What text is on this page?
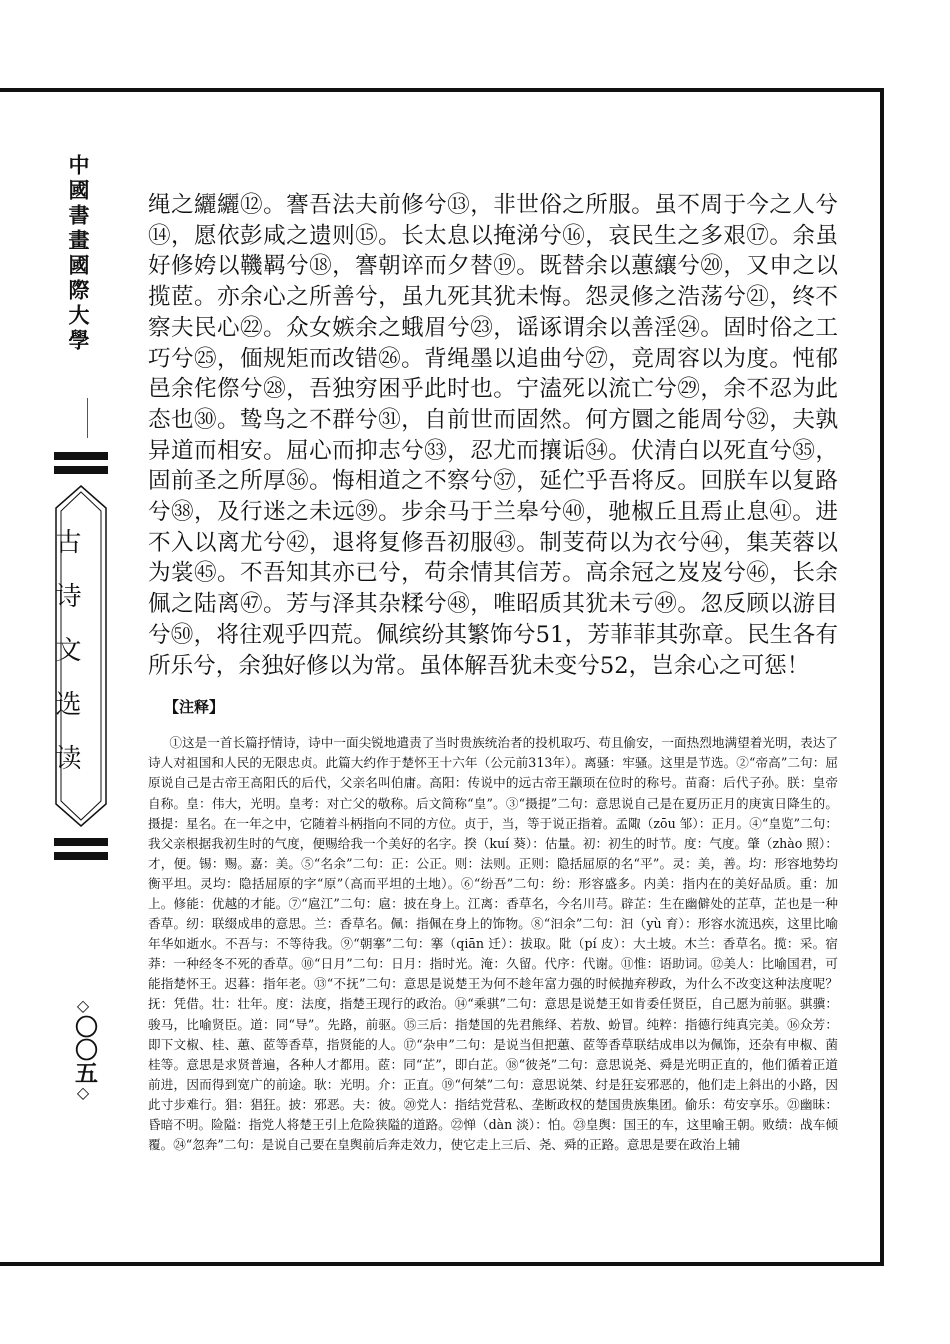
中國書畫國際大學
古诗文选读
◇
〇〇五
◇

绳之纚纚⑫。謇吾法夫前修兮⑬，非世俗之所服。虽不周于今之人兮⑭，愿依彭咸之遗则⑮。长太息以掩涕兮⑯，哀民生之多艰⑰。余虽好修姱以鞿羁兮⑱，謇朝谇而夕替⑲。既替余以蕙纕兮⑳，又申之以揽茝。亦余心之所善兮，虽九死其犹未悔。怨灵修之浩荡兮㉑，终不察夫民心㉒。众女嫉余之蛾眉兮㉓，谣诼谓余以善淫㉔。固时俗之工巧兮㉕，偭规矩而改错㉖。背绳墨以追曲兮㉗，竞周容以为度。忳郁邑余侘傺兮㉘，吾独穷困乎此时也。宁溘死以流亡兮㉙，余不忍为此态也㉚。鸷鸟之不群兮㉛，自前世而固然。何方圜之能周兮㉜，夫孰异道而相安。屈心而抑志兮㉝，忍尤而攘诟㉞。伏清白以死直兮㉟，固前圣之所厚㊱。悔相道之不察兮㊲，延伫乎吾将反。回朕车以复路兮㊳，及行迷之未远㊴。步余马于兰皋兮㊵，驰椒丘且焉止息㊶。进不入以离尤兮㊷，退将复修吾初服㊸。制芰荷以为衣兮㊹，集芙蓉以为裳㊺。不吾知其亦已兮，苟余情其信芳。高余冠之岌岌兮㊻，长余佩之陆离㊼。芳与泽其杂糅兮㊽，唯昭质其犹未亏㊾。忽反顾以游目兮㊿，将往观乎四荒。佩缤纷其繁饰兮51，芳菲菲其弥章。民生各有所乐兮，余独好修以为常。虽体解吾犹未变兮52，岂余心之可惩！

【注释】
①这是一首长篇抒情诗，诗中一面尖锐地遣责了当时贵族统治者的投机取巧、苟且偷安，一面热烈地满望着光明，表达了诗人对祖国和人民的无限忠贞。此篇大约作于楚怀王十六年（公元前313年）。离骚：牢骚。这里是节选。②“帝高”二句：屈原说自己是古帝王高阳氏的后代，父亲名叫伯庸。高阳：传说中的远古帝王颛顼在位时的称号。苗裔：后代子孙。朕：皇帝自称。皇：伟大，光明。皇考：对亡父的敬称。后文简称“皇”。③“摄提”二句：意思说自己是在夏历正月的庚寅日降生的。摄提：星名。在一年之中，它随着斗柄指向不同的方位。贞于，当，等于说正指着。孟陬（zōu 邹）：正月。④“皇览”二句：我父亲根据我初生时的气度，便赐给我一个美好的名字。揆（kuí 葵）：估量。初：初生的时节。度：气度。肇（zhào 照）：才，便。锡：赐。嘉：美。⑤“名余”二句：正：公正。则：法则。正则：隐括屈原的名“平”。灵：美，善。均：形容地势均衡平坦。灵均：隐括屈原的字“原”（高而平坦的土地）。⑥“纷吾”二句：纷：形容盛多。内美：指内在的美好品质。重：加上。修能：优越的才能。⑦“扈江”二句：扈：披在身上。江离：香草名，今名川芎。辟芷：生在幽僻处的芷草，芷也是一种香草。纫：联缀成串的意思。兰：香草名。佩：指佩在身上的饰物。⑧“汩余”二句：汩（yù 育）：形容水流迅疾，这里比喻年华如逝水。不吾与：不等待我。⑨“朝搴”二句：搴（qiān 迁）：拔取。阰（pí 皮）：大土坡。木兰：香草名。揽：采。宿莽：一种经冬不死的香草。⑩“日月”二句：日月：指时光。淹：久留。代序：代谢。⑪惟：语助词。⑫美人：比喻国君，可能指楚怀王。迟暮：指年老。⑬“不抚”二句：意思是说楚王为何不趁年富力强的时候抛弃秽政，为什么不改变这种法度呢？抚：凭借。壮：壮年。度：法度，指楚王现行的政治。⑭“乘骐”二句：意思是说楚王如肯委任贤臣，自己愿为前驱。骐骥：骏马，比喻贤臣。道：同“导”。先路，前驱。⑮三后：指楚国的先君熊绎、若敖、蚡冒。纯粹：指德行纯真完美。⑯众芳：即下文椒、桂、蕙、茝等香草，指贤能的人。⑰“杂申”二句：是说当但把蕙、茝等香草联结成串以为佩饰，还杂有申椒、菌桂等。意思是求贤普遍，各种人才都用。茝：同“芷”，即白芷。⑱“彼尧”二句：意思说尧、舜是光明正直的，他们循着正道前进，因而得到宽广的前途。耿：光明。介：正直。⑲“何桀”二句：意思说桀、纣是狂妄邪恶的，他们走上斜出的小路，因此寸步难行。猖：猖狂。披：邪恶。夫：彼。⑳党人：指结党营私、垄断政权的楚国贵族集团。偷乐：苟安享乐。㉑幽昧：昏暗不明。险隘：指党人将楚王引上危险狭隘的道路。㉒惮（dàn 淡）：怕。㉓皇舆：国王的车，这里喻王朝。败绩：战车倾覆。㉔“忽奔”二句：是说自己要在皇舆前后奔走效力，使它走上三后、尧、舜的正路。意思是要在政治上辅
